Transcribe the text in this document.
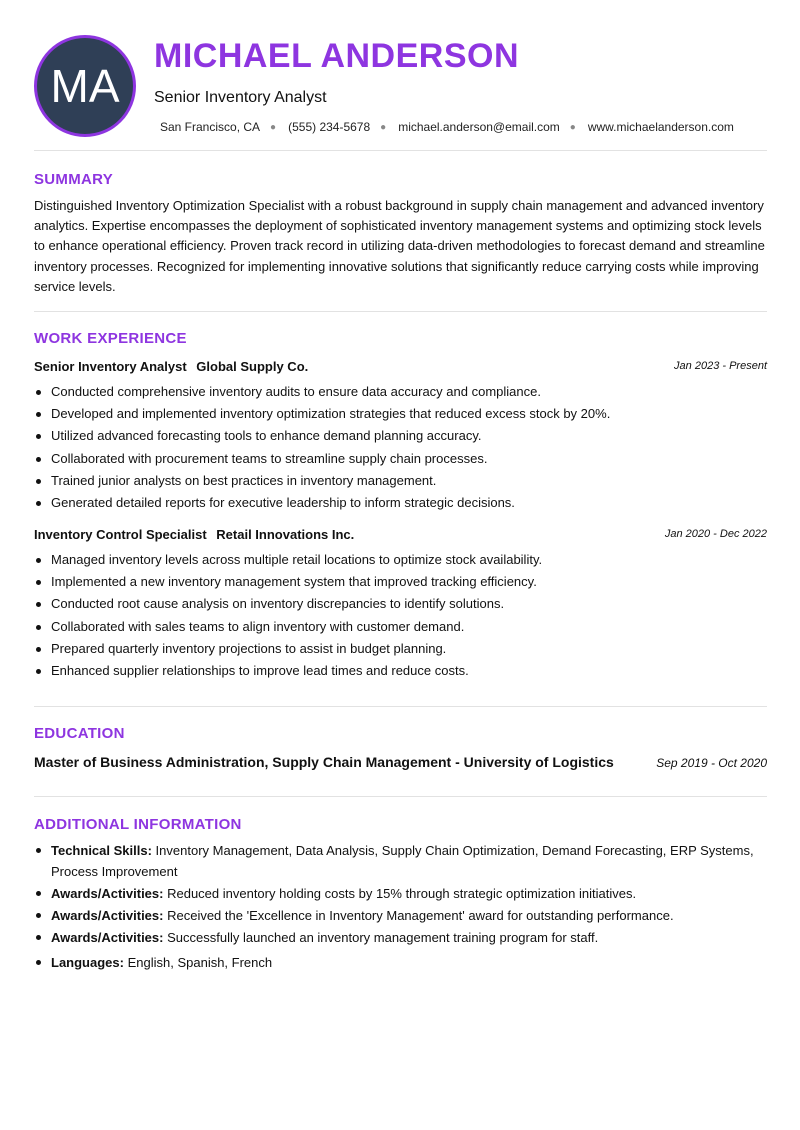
MA
MICHAEL ANDERSON
Senior Inventory Analyst
San Francisco, CA ● (555) 234-5678 ● michael.anderson@email.com ● www.michaelanderson.com
SUMMARY
Distinguished Inventory Optimization Specialist with a robust background in supply chain management and advanced inventory analytics. Expertise encompasses the deployment of sophisticated inventory management systems and optimizing stock levels to enhance operational efficiency. Proven track record in utilizing data-driven methodologies to forecast demand and streamline inventory processes. Recognized for implementing innovative solutions that significantly reduce carrying costs while improving service levels.
WORK EXPERIENCE
Senior Inventory Analyst Global Supply Co.	Jan 2023 - Present
Conducted comprehensive inventory audits to ensure data accuracy and compliance.
Developed and implemented inventory optimization strategies that reduced excess stock by 20%.
Utilized advanced forecasting tools to enhance demand planning accuracy.
Collaborated with procurement teams to streamline supply chain processes.
Trained junior analysts on best practices in inventory management.
Generated detailed reports for executive leadership to inform strategic decisions.
Inventory Control Specialist Retail Innovations Inc.	Jan 2020 - Dec 2022
Managed inventory levels across multiple retail locations to optimize stock availability.
Implemented a new inventory management system that improved tracking efficiency.
Conducted root cause analysis on inventory discrepancies to identify solutions.
Collaborated with sales teams to align inventory with customer demand.
Prepared quarterly inventory projections to assist in budget planning.
Enhanced supplier relationships to improve lead times and reduce costs.
EDUCATION
Master of Business Administration, Supply Chain Management - University of Logistics	Sep 2019 - Oct 2020
ADDITIONAL INFORMATION
Technical Skills: Inventory Management, Data Analysis, Supply Chain Optimization, Demand Forecasting, ERP Systems, Process Improvement
Awards/Activities: Reduced inventory holding costs by 15% through strategic optimization initiatives.
Awards/Activities: Received the 'Excellence in Inventory Management' award for outstanding performance.
Awards/Activities: Successfully launched an inventory management training program for staff.
Languages: English, Spanish, French
